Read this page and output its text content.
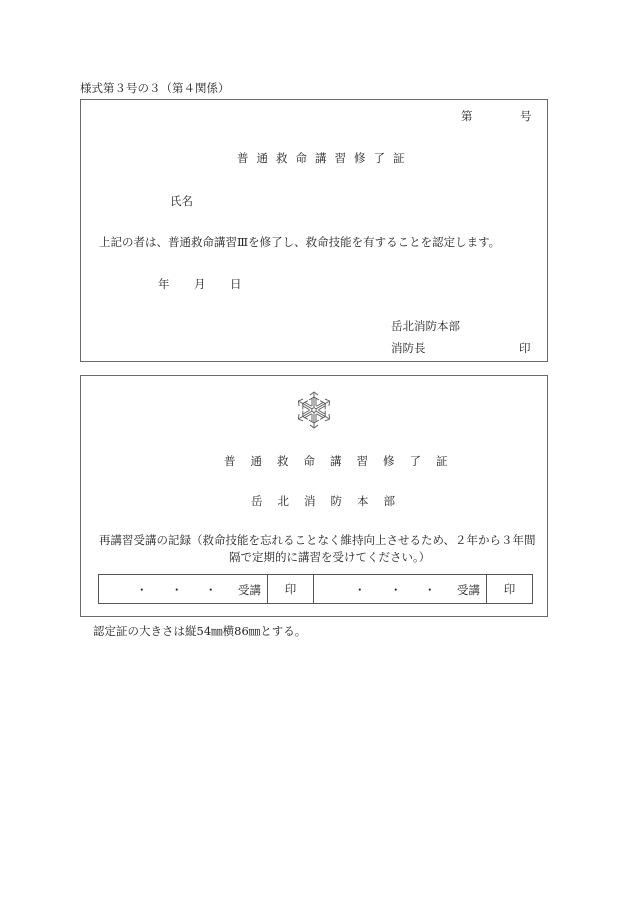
様式第３号の３（第４関係）
第	号
普通救命講習修了証
氏名
上記の者は、普通救命講習Ⅲを修了し、救命技能を有することを認定します。
年 月 日
岳北消防本部
消防長	印
普通救命講習修了証
岳北消防本部
再講習受講の記録（救命技能を忘れることなく維持向上させるため、２年から３年間
隔で定期的に講習を受けてください。）
・ ・ ・ 受講	印	・ ・ ・ 受講	印
認定証の大きさは縦54㎜横86㎜とする。
